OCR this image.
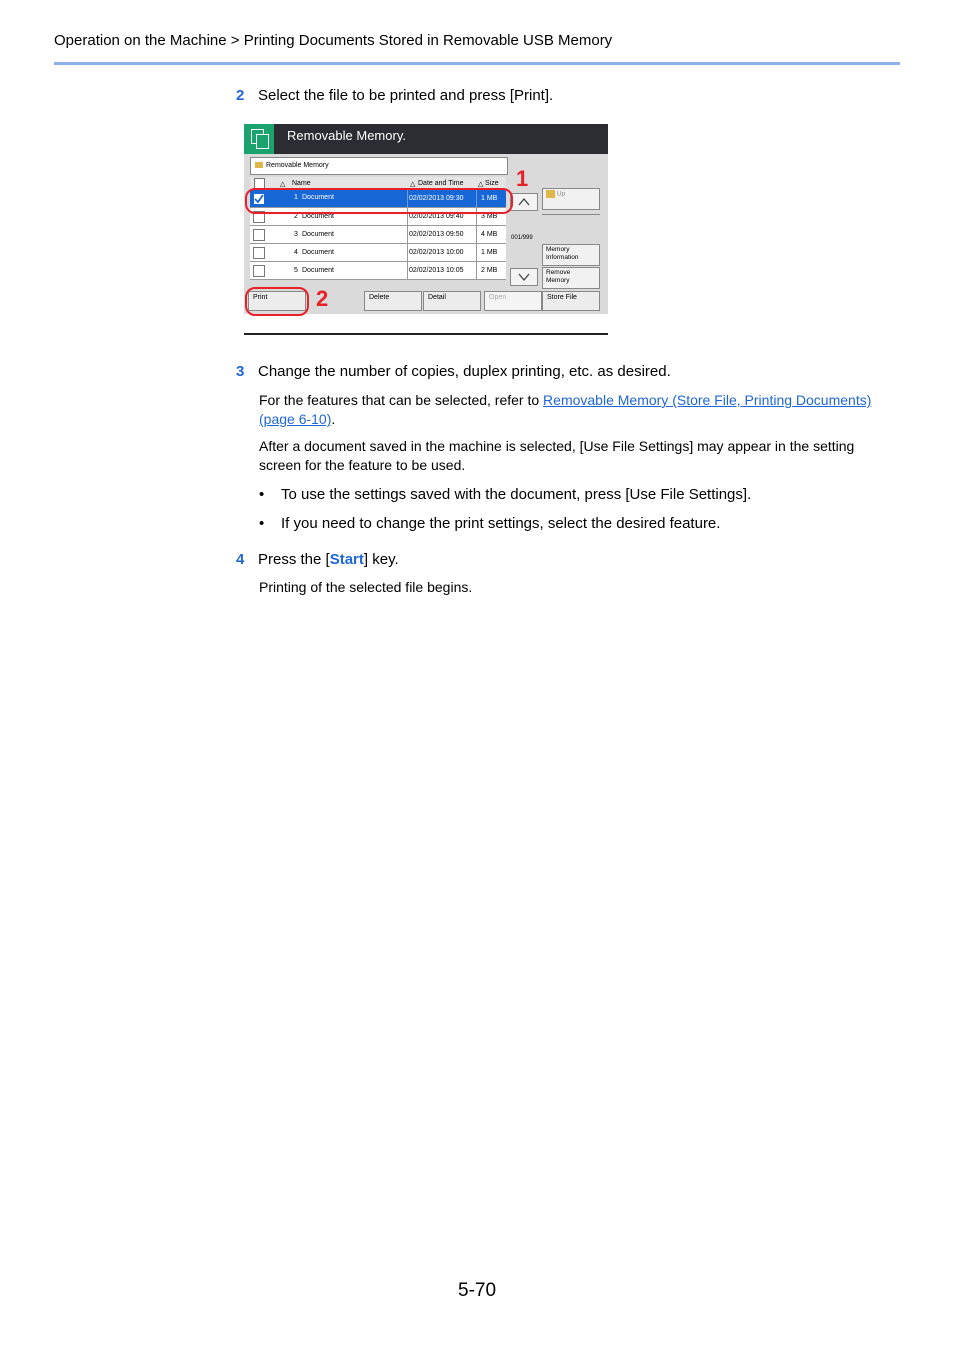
Operation on the Machine > Printing Documents Stored in Removable USB Memory
2 Select the file to be printed and press [Print].
Removable Memory.
Removable Memory
△ Name	△ Date and Time △ Size
1 Document	02/02/2013 09:30	1 MB
2 Document	02/02/2013 09:40	3 MB
3 Document	02/02/2013 09:50	4 MB
4 Document	02/02/2013 10:00	1 MB
5 Document	02/02/2013 10:05	2 MB
001/999
Up
Memory
Information
Remove
Memory
Print	Delete	Detail	Open	Store File
1
2
3 Change the number of copies, duplex printing, etc. as desired.
For the features that can be selected, refer to Removable Memory (Store File, Printing Documents)
(page 6-10).
After a document saved in the machine is selected, [Use File Settings] may appear in the setting
screen for the feature to be used.
• To use the settings saved with the document, press [Use File Settings].
• If you need to change the print settings, select the desired feature.
4 Press the [Start] key.
Printing of the selected file begins.
5-70
